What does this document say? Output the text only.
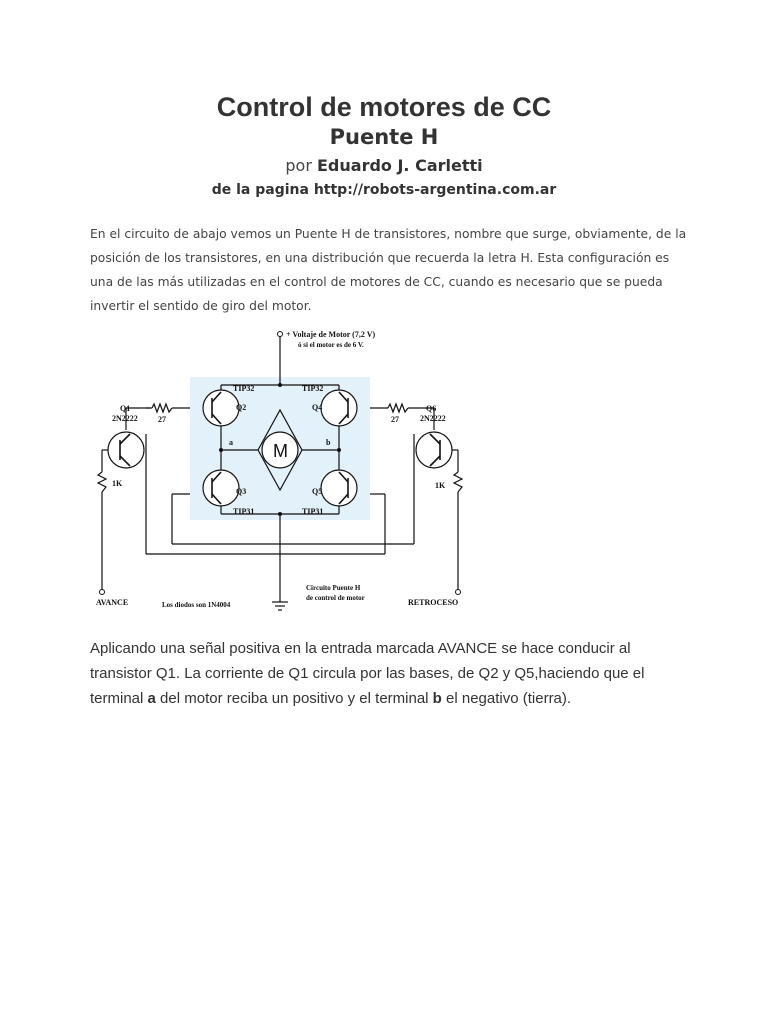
Control de motores de CC
Puente H
por Eduardo J. Carletti
de la pagina http://robots-argentina.com.ar

En el circuito de abajo vemos un Puente H de transistores, nombre que surge, obviamente, de la posición de los transistores, en una distribución que recuerda la letra H. Esta configuración es una de las más utilizadas en el control de motores de CC, cuando es necesario que se pueda invertir el sentido de giro del motor.

+ Voltaje de Motor (7,2 V)
ó si el motor es de 6 V.
TIP32	TIP32
Q2	Q4
Q3	Q5
TIP31	TIP31
Q1
2N2222
Q6
2N2222
27	27
1K	1K
a	b
M
AVANCE	RETROCESO
Los diodos son 1N4004
Circuito Puente H
de control de motor

Aplicando una señal positiva en la entrada marcada AVANCE se hace conducir al transistor Q1. La corriente de Q1 circula por las bases, de Q2 y Q5,haciendo que el terminal a del motor reciba un positivo y el terminal b el negativo (tierra).
